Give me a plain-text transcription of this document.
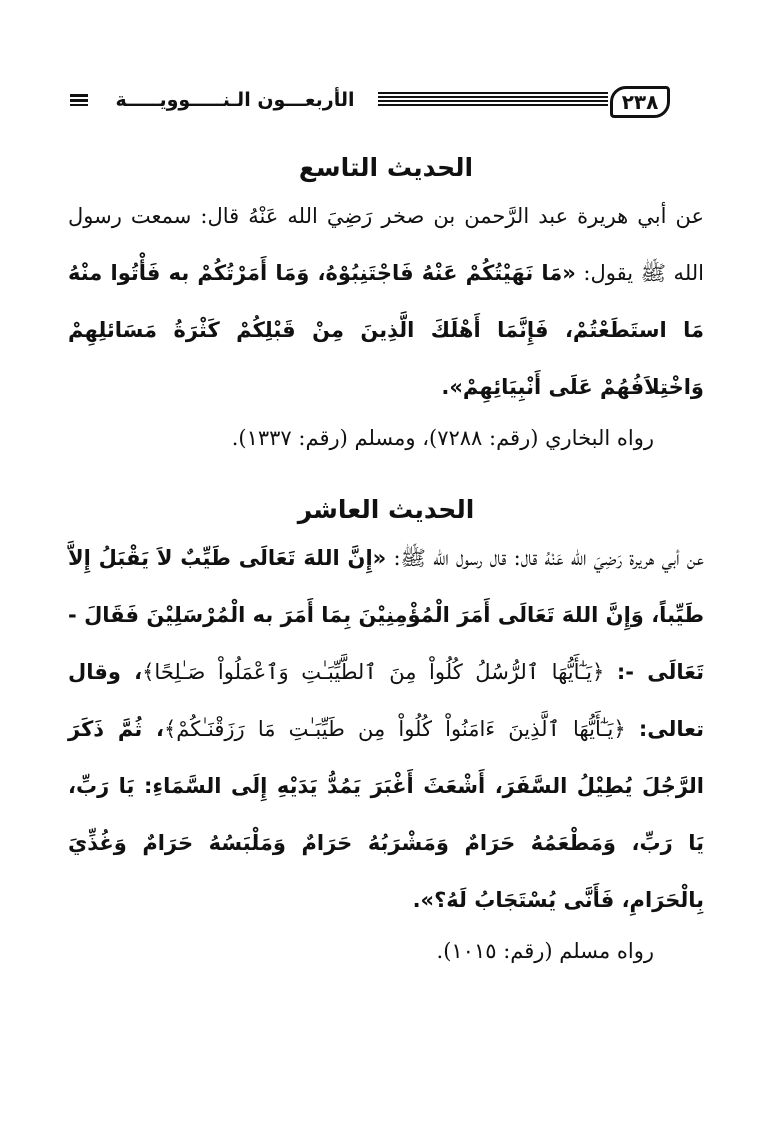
٢٣٨
الأربعـــون الـنـــــوويـــــة
الحديث التاسع

عن أبي هريرة عبد الرَّحمن بن صخر رَضِيَ الله عَنْهُ قال: سمعت رسول الله ﷺ يقول: «مَا نَهَيْتُكُمْ عَنْهُ فَاجْتَنِبُوْهُ، وَمَا أَمَرْتُكُمْ به فَأْتُوا منْهُ مَا استَطَعْتُمْ، فَإِنَّمَا أَهْلَكَ الَّذِينَ مِنْ قَبْلِكُمْ كَثْرَةُ مَسَائلِهِمْ وَاخْتِلاَفُهُمْ عَلَى أَنْبِيَائِهِمْ».

رواه البخاري (رقم: ٧٢٨٨)، ومسلم (رقم: ١٣٣٧).

الحديث العاشر

عن أبي هريرة رَضِيَ الله عَنْهُ قال: قال رسول الله ﷺ: «إِنَّ اللهَ تَعَالَى طَيِّبٌ لاَ يَقْبَلُ إِلاَّ طَيِّباً، وَإِنَّ اللهَ تَعَالَى أَمَرَ الْمُؤْمِنِيْنَ بِمَا أَمَرَ به الْمُرْسَلِيْنَ فَقَالَ - تَعَالَى -: ﴿يَـٰٓأَيُّهَا ٱلرُّسُلُ كُلُواْ مِنَ ٱلطَّيِّبَـٰتِ وَٱعْمَلُواْ صَـٰلِحًا﴾، وقال تعالى: ﴿يَـٰٓأَيُّهَا ٱلَّذِينَ ءَامَنُواْ كُلُواْ مِن طَيِّبَـٰتِ مَا رَزَقْنَـٰكُمْ﴾، ثُمَّ ذَكَرَ الرَّجُلَ يُطِيْلُ السَّفَرَ، أَشْعَثَ أَغْبَرَ يَمُدُّ يَدَيْهِ إِلَى السَّمَاءِ: يَا رَبِّ، يَا رَبِّ، وَمَطْعَمُهُ حَرَامٌ وَمَشْرَبُهُ حَرَامٌ وَمَلْبَسُهُ حَرَامٌ وَغُذِّيَ بِالْحَرَامِ، فَأَنَّى يُسْتَجَابُ لَهُ؟».

رواه مسلم (رقم: ١٠١٥).
